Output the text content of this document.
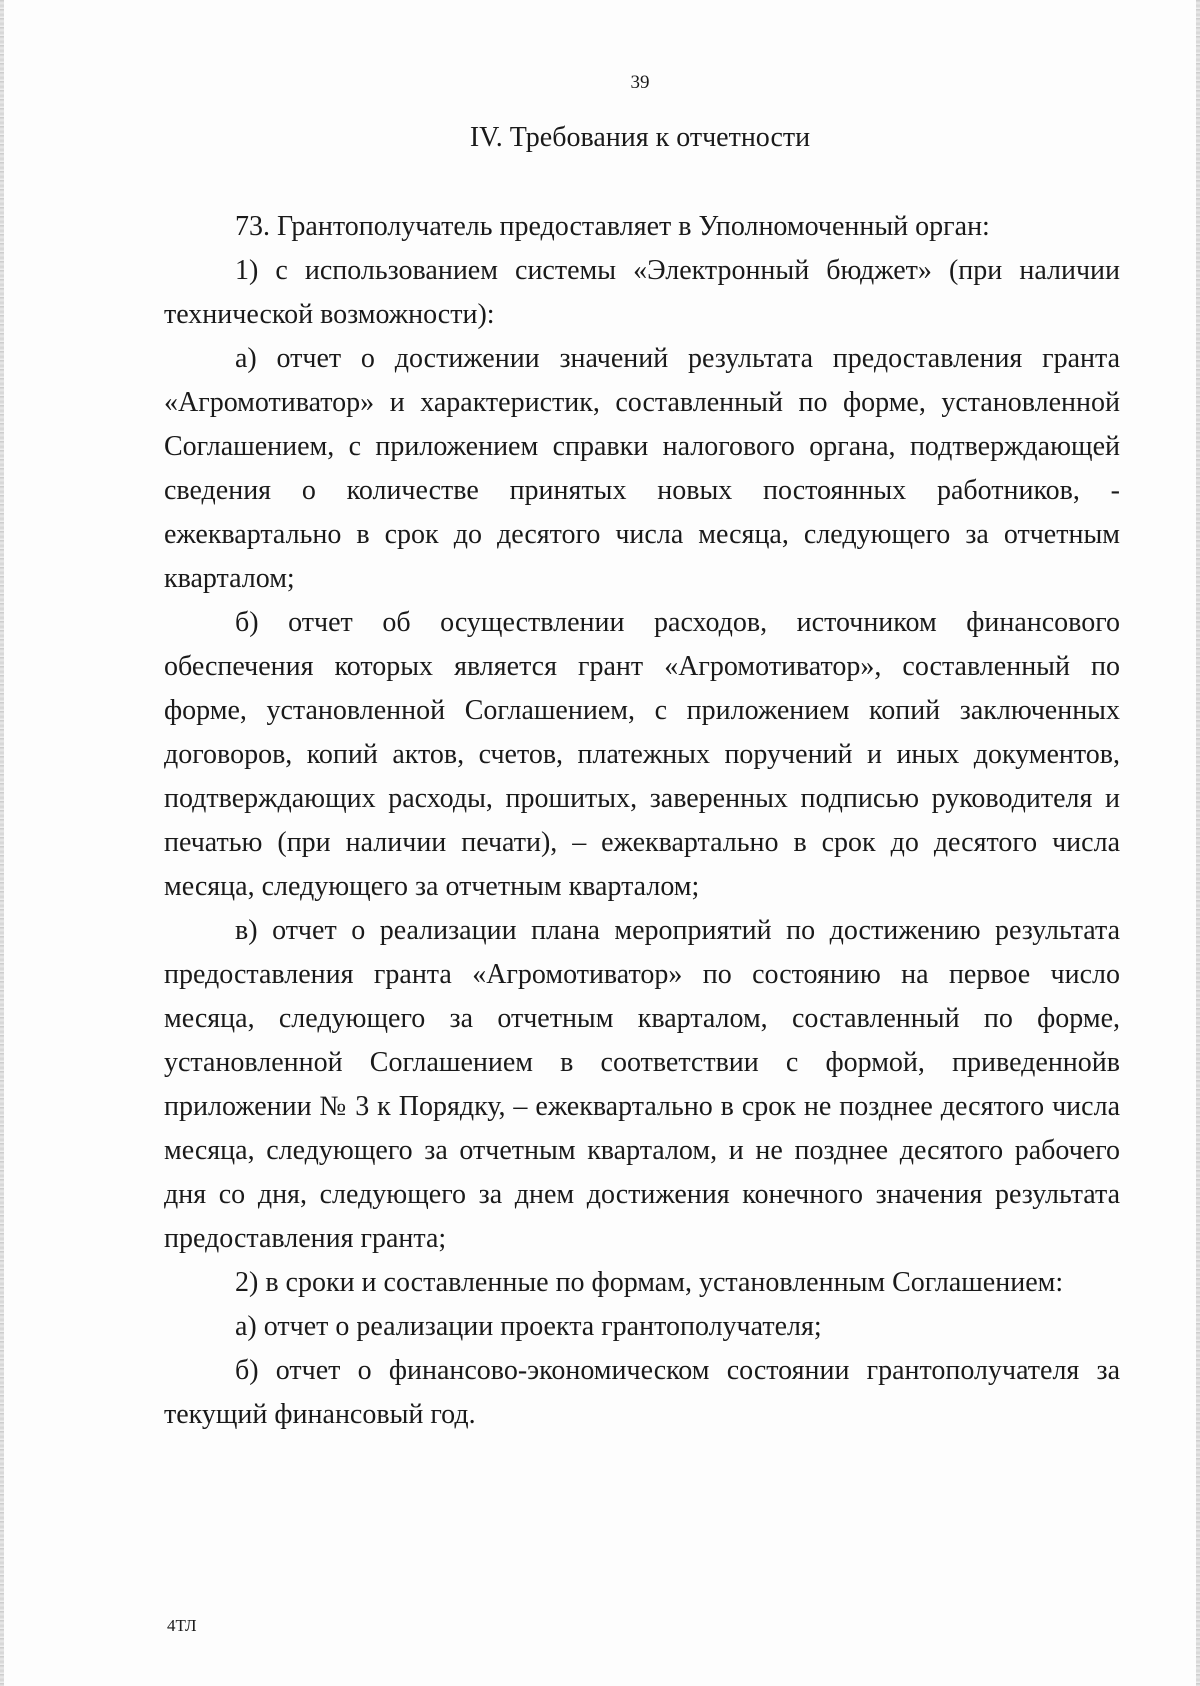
39
IV. Требования к отчетности

73. Грантополучатель предоставляет в Уполномоченный орган:

1) с использованием системы «Электронный бюджет» (при наличии технической возможности):

а) отчет о достижении значений результата предоставления гранта «Агромотиватор» и характеристик, составленный по форме, установленной Соглашением, с приложением справки налогового органа, подтверждающей сведения о количестве принятых новых постоянных работников, - ежеквартально в срок до десятого числа месяца, следующего за отчетным кварталом;

б) отчет об осуществлении расходов, источником финансового обеспечения которых является грант «Агромотиватор», составленный по форме, установленной Соглашением, с приложением копий заключенных договоров, копий актов, счетов, платежных поручений и иных документов, подтверждающих расходы, прошитых, заверенных подписью руководителя и печатью (при наличии печати), – ежеквартально в срок до десятого числа месяца, следующего за отчетным кварталом;

в) отчет о реализации плана мероприятий по достижению результата предоставления гранта «Агромотиватор» по состоянию на первое число месяца, следующего за отчетным кварталом, составленный по форме, установленной Соглашением в соответствии с формой, приведеннойв приложении № 3 к Порядку, – ежеквартально в срок не позднее десятого числа месяца, следующего за отчетным кварталом, и не позднее десятого рабочего дня со дня, следующего за днем достижения конечного значения результата предоставления гранта;

2) в сроки и составленные по формам, установленным Соглашением:

а) отчет о реализации проекта грантополучателя;

б) отчет о финансово-экономическом состоянии грантополучателя за текущий финансовый год.

4ТЛ
